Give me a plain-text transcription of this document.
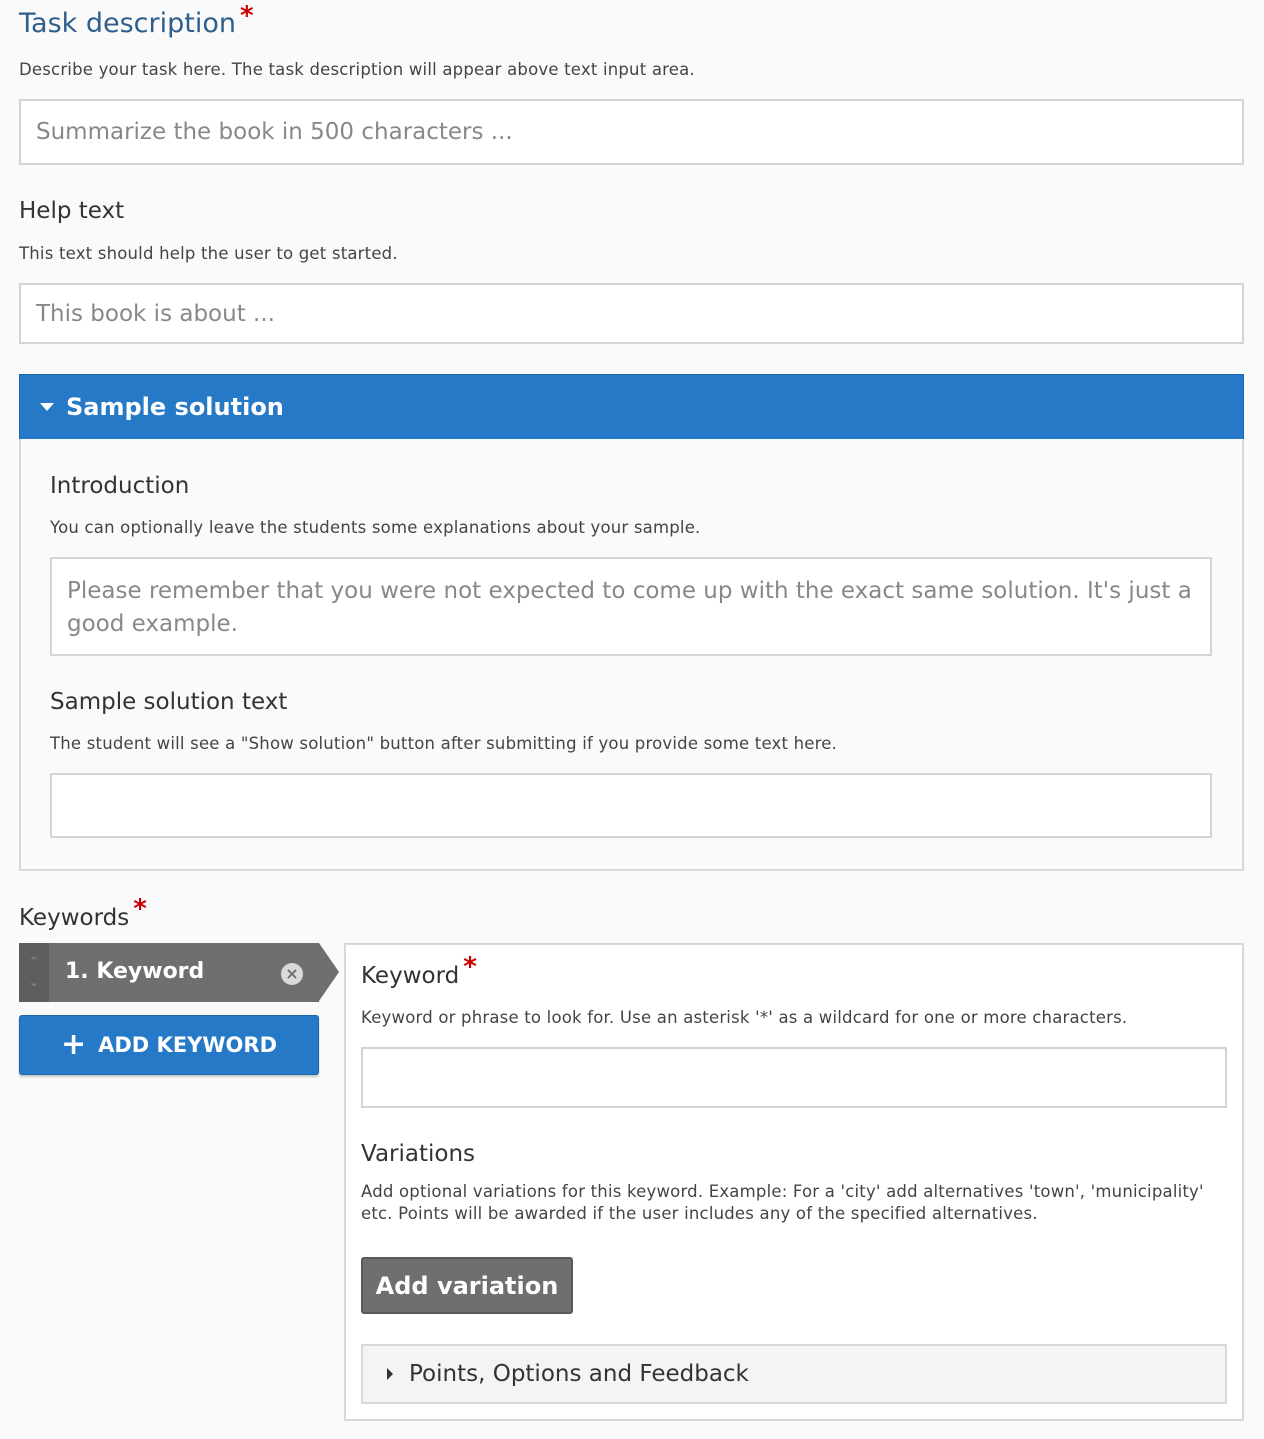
Task description *
Describe your task here. The task description will appear above text input area.
Summarize the book in 500 characters ...
Help text
This text should help the user to get started.
This book is about ...
Sample solution
Introduction
You can optionally leave the students some explanations about your sample.
Please remember that you were not expected to come up with the exact same solution. It's just a good example.
Sample solution text
The student will see a "Show solution" button after submitting if you provide some text here.
Keywords *
⌃
⌄ 1. Keyword	×
+ ADD KEYWORD
Keyword *
Keyword or phrase to look for. Use an asterisk '*' as a wildcard for one or more characters.
Variations
Add optional variations for this keyword. Example: For a 'city' add alternatives 'town', 'municipality' etc. Points will be awarded if the user includes any of the specified alternatives.
Add variation
Points, Options and Feedback
